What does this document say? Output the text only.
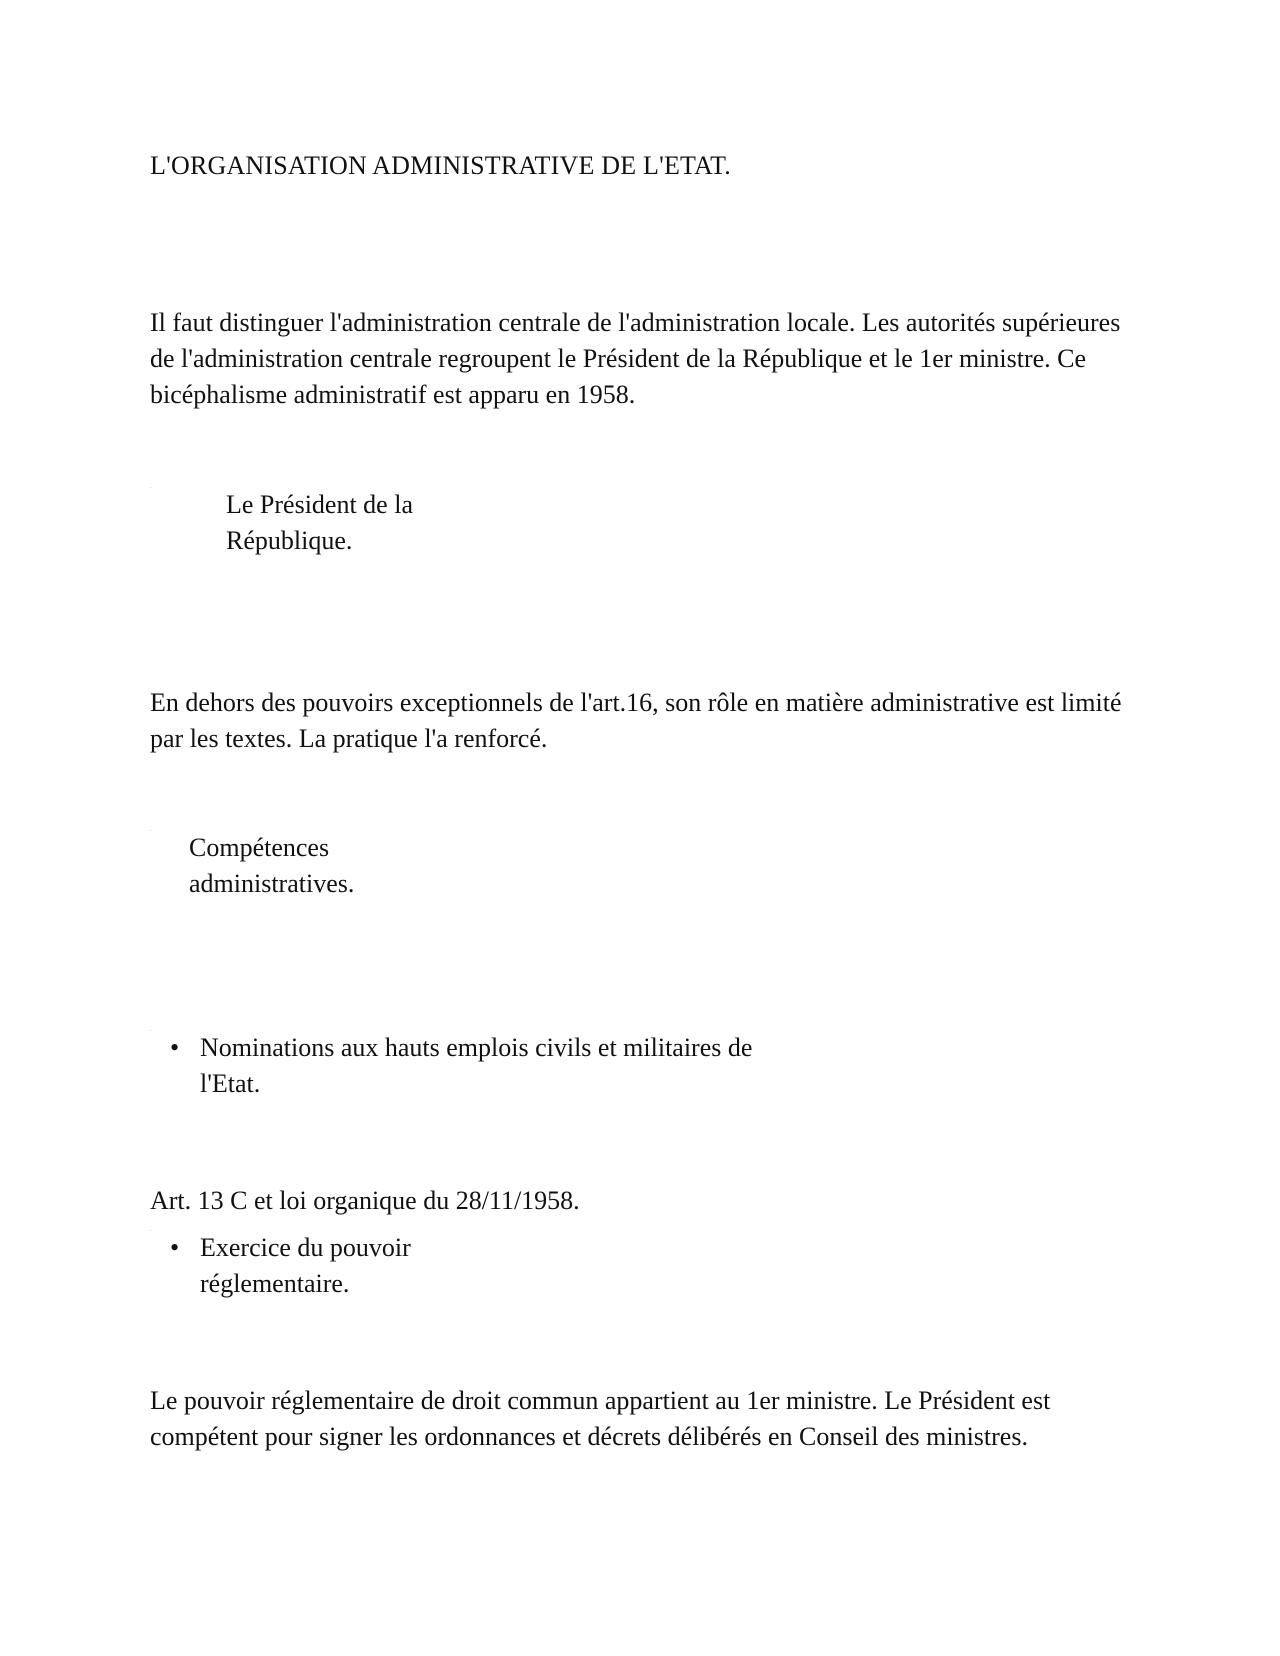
L'ORGANISATION ADMINISTRATIVE DE L'ETAT.

Il faut distinguer l'administration centrale de l'administration locale. Les autorités supérieures de l'administration centrale regroupent le Président de la République et le 1er ministre. Ce bicéphalisme administratif est apparu en 1958.

Le Président de la République.

En dehors des pouvoirs exceptionnels de l'art.16, son rôle en matière administrative est limité par les textes. La pratique l'a renforcé.

Compétences administratives.

• Nominations aux hauts emplois civils et militaires de l'Etat.

Art. 13 C et loi organique du 28/11/1958.

• Exercice du pouvoir réglementaire.

Le pouvoir réglementaire de droit commun appartient au 1er ministre. Le Président est compétent pour signer les ordonnances et décrets délibérés en Conseil des ministres.
